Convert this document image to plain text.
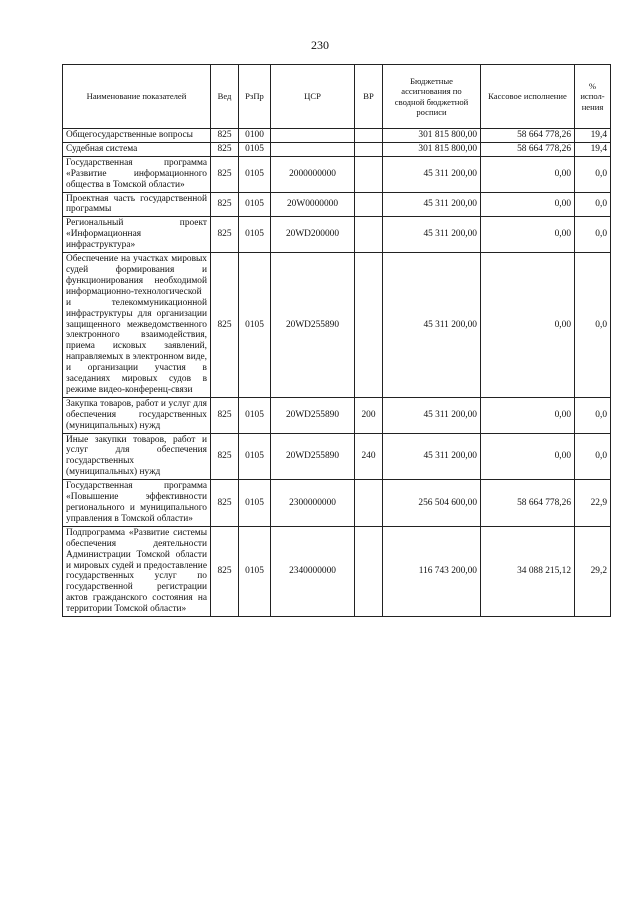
230
Наименование показателей	Вед	РзПр	ЦСР	ВР	Бюджетные ассигнования по сводной бюджетной росписи	Кассовое исполнение	% испол-нения
Общегосударственные вопросы	825	0100			301 815 800,00	58 664 778,26	19,4
Судебная система	825	0105			301 815 800,00	58 664 778,26	19,4
Государственная программа «Развитие информационного общества в Томской области»	825	0105	2000000000		45 311 200,00	0,00	0,0
Проектная часть государственной программы	825	0105	20W0000000		45 311 200,00	0,00	0,0
Региональный проект «Информационная инфраструктура»	825	0105	20WD200000		45 311 200,00	0,00	0,0
Обеспечение на участках мировых судей формирования и функционирования необходимой информационно-технологической и телекоммуникационной инфраструктуры для организации защищенного межведомственного электронного взаимодействия, приема исковых заявлений, направляемых в электронном виде, и организации участия в заседаниях мировых судов в режиме видео-конференц-связи	825	0105	20WD255890		45 311 200,00	0,00	0,0
Закупка товаров, работ и услуг для обеспечения государственных (муниципальных) нужд	825	0105	20WD255890	200	45 311 200,00	0,00	0,0
Иные закупки товаров, работ и услуг для обеспечения государственных (муниципальных) нужд	825	0105	20WD255890	240	45 311 200,00	0,00	0,0
Государственная программа «Повышение эффективности регионального и муниципального управления в Томской области»	825	0105	2300000000		256 504 600,00	58 664 778,26	22,9
Подпрограмма «Развитие системы обеспечения деятельности Администрации Томской области и мировых судей и предоставление государственных услуг по государственной регистрации актов гражданского состояния на территории Томской области»	825	0105	2340000000		116 743 200,00	34 088 215,12	29,2
